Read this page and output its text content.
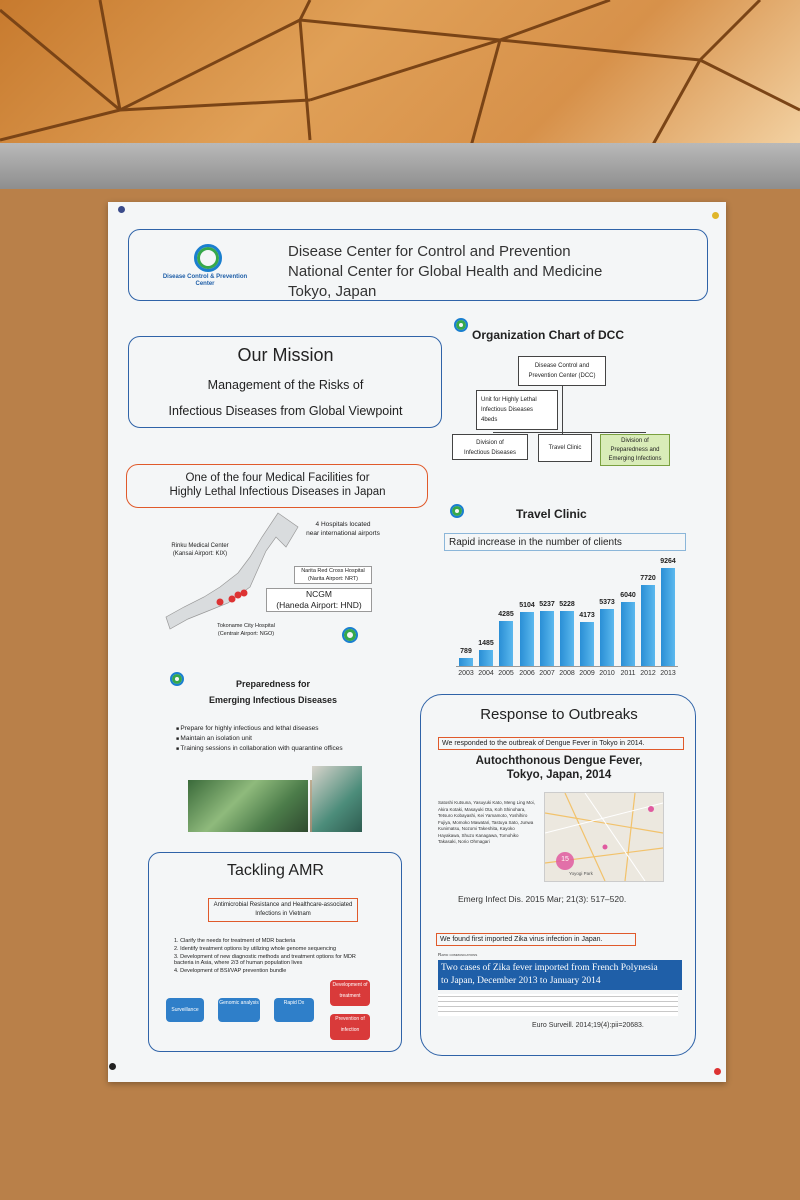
Disease Control & Prevention Center
Disease Center for Control and Prevention
National Center for Global Health and Medicine
Tokyo, Japan
Our Mission
Management of the Risks of
Infectious Diseases from Global Viewpoint
One of the four Medical Facilities for
Highly Lethal Infectious Diseases in Japan
4 Hospitals located
near international airports
Rinku Medical Center
(Kansai Airport: KIX)
Narita Red Cross Hospital
(Narita Airport: NRT)
NCGM
(Haneda Airport: HND)
Tokoname City Hospital
(Centrair Airport: NGO)
Preparedness for
Emerging Infectious Diseases
■ Prepare for highly infectious and lethal diseases
■ Maintain an isolation unit
■ Training sessions in collaboration with quarantine offices
Tackling AMR
Antimicrobial Resistance and Healthcare-associated
Infections in Vietnam
1. Clarify the needs for treatment of MDR bacteria
2. Identify treatment options by utilizing whole genome sequencing
3. Development of new diagnostic methods and treatment options for MDR bacteria in Asia, where 2/3 of human population lives
4. Development of BSI/VAP prevention bundle
Surveillance
Genomic analysis	Rapid Dx
Development of treatment
Prevention of infection
Organization Chart of DCC
Disease Control and
Prevention Center (DCC)
Unit for Highly Lethal
Infectious Diseases
4beds
Division of
Infectious Diseases
Travel Clinic
Division of
Preparedness and
Emerging Infections
Travel Clinic
Rapid increase in the number of clients
789
1485
4285
5104 5237 5228
4173
5373
6040
7720
9264
2003 2004 2005 2006 2007 2008 2009 2010 2011 2012 2013
Response to Outbreaks
We responded to the outbreak of Dengue Fever in Tokyo in 2014.
Autochthonous Dengue Fever,
Tokyo, Japan, 2014
Satoshi Kutsuna, Yasuyuki Kato, Meng Ling Moi, Akira Kotaki, Masayuki Ota, Koh Shinohara, Tetsuro Kobayashi, Kei Yamamoto, Yoshihiro Fujiya, Momoko Mawatari, Tastuya Sato, Junwa Kunimatsu, Nozomi Takeshita, Kayoko Hayakawa, Shuzo Kanagawa, Tomohiko Takasaki, Norio Ohmagari
15
Yoyogi Park
Emerg Infect Dis. 2015 Mar; 21(3): 517–520.
We found first imported Zika virus infection in Japan.
Rapid communications
Two cases of Zika fever imported from French Polynesia
to Japan, December 2013 to January 2014
Euro Surveill. 2014;19(4):pii=20683.
